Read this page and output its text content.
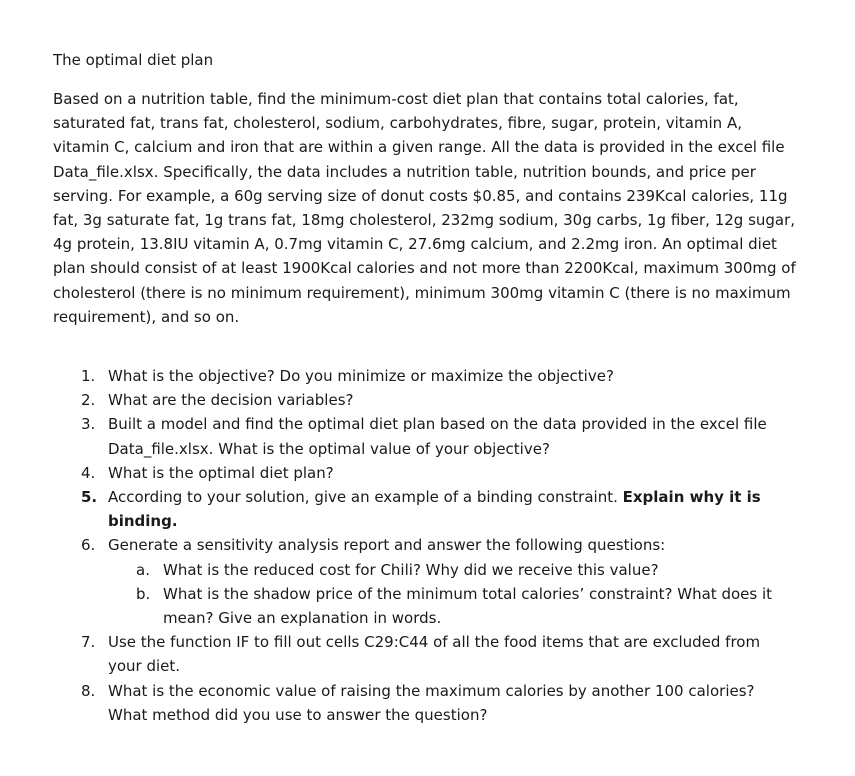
The optimal diet plan

Based on a nutrition table, find the minimum-cost diet plan that contains total calories, fat, saturated fat, trans fat, cholesterol, sodium, carbohydrates, fibre, sugar, protein, vitamin A, vitamin C, calcium and iron that are within a given range. All the data is provided in the excel file Data_file.xlsx. Specifically, the data includes a nutrition table, nutrition bounds, and price per serving. For example, a 60g serving size of donut costs $0.85, and contains 239Kcal calories, 11g fat, 3g saturate fat, 1g trans fat, 18mg cholesterol, 232mg sodium, 30g carbs, 1g fiber, 12g sugar, 4g protein, 13.8IU vitamin A, 0.7mg vitamin C, 27.6mg calcium, and 2.2mg iron. An optimal diet plan should consist of at least 1900Kcal calories and not more than 2200Kcal, maximum 300mg of cholesterol (there is no minimum requirement), minimum 300mg vitamin C (there is no maximum requirement), and so on.

1. What is the objective? Do you minimize or maximize the objective?
2. What are the decision variables?
3. Built a model and find the optimal diet plan based on the data provided in the excel file Data_file.xlsx. What is the optimal value of your objective?
4. What is the optimal diet plan?
5. According to your solution, give an example of a binding constraint. Explain why it is binding.
6. Generate a sensitivity analysis report and answer the following questions:
a. What is the reduced cost for Chili? Why did we receive this value?
b. What is the shadow price of the minimum total calories’ constraint? What does it mean? Give an explanation in words.
7. Use the function IF to fill out cells C29:C44 of all the food items that are excluded from your diet.
8. What is the economic value of raising the maximum calories by another 100 calories? What method did you use to answer the question?
